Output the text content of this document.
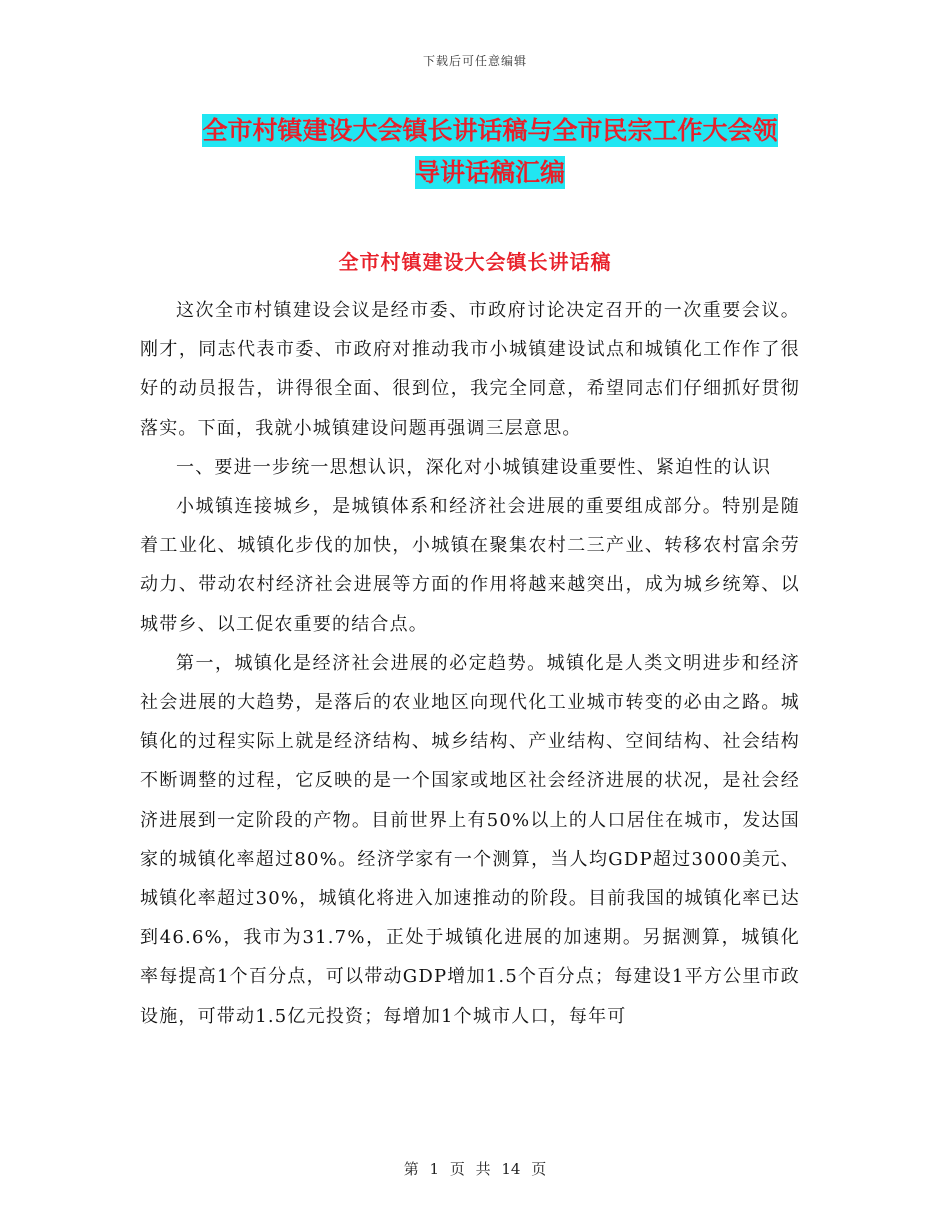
下载后可任意编辑
全市村镇建设大会镇长讲话稿与全市民宗工作大会领
导讲话稿汇编
全市村镇建设大会镇长讲话稿

这次全市村镇建设会议是经市委、市政府讨论决定召开的一次重要会议。刚才，同志代表市委、市政府对推动我市小城镇建设试点和城镇化工作作了很好的动员报告，讲得很全面、很到位，我完全同意，希望同志们仔细抓好贯彻落实。下面，我就小城镇建设问题再强调三层意思。

一、要进一步统一思想认识，深化对小城镇建设重要性、紧迫性的认识

小城镇连接城乡，是城镇体系和经济社会进展的重要组成部分。特别是随着工业化、城镇化步伐的加快，小城镇在聚集农村二三产业、转移农村富余劳动力、带动农村经济社会进展等方面的作用将越来越突出，成为城乡统筹、以城带乡、以工促农重要的结合点。

第一，城镇化是经济社会进展的必定趋势。城镇化是人类文明进步和经济社会进展的大趋势，是落后的农业地区向现代化工业城市转变的必由之路。城镇化的过程实际上就是经济结构、城乡结构、产业结构、空间结构、社会结构不断调整的过程，它反映的是一个国家或地区社会经济进展的状况，是社会经济进展到一定阶段的产物。目前世界上有50%以上的人口居住在城市，发达国家的城镇化率超过80%。经济学家有一个测算，当人均GDP超过3000美元、城镇化率超过30%，城镇化将进入加速推动的阶段。目前我国的城镇化率已达到46.6%，我市为31.7%，正处于城镇化进展的加速期。另据测算，城镇化率每提高1个百分点，可以带动GDP增加1.5个百分点；每建设1平方公里市政设施，可带动1.5亿元投资；每增加1个城市人口，每年可

第 1 页 共 14 页
